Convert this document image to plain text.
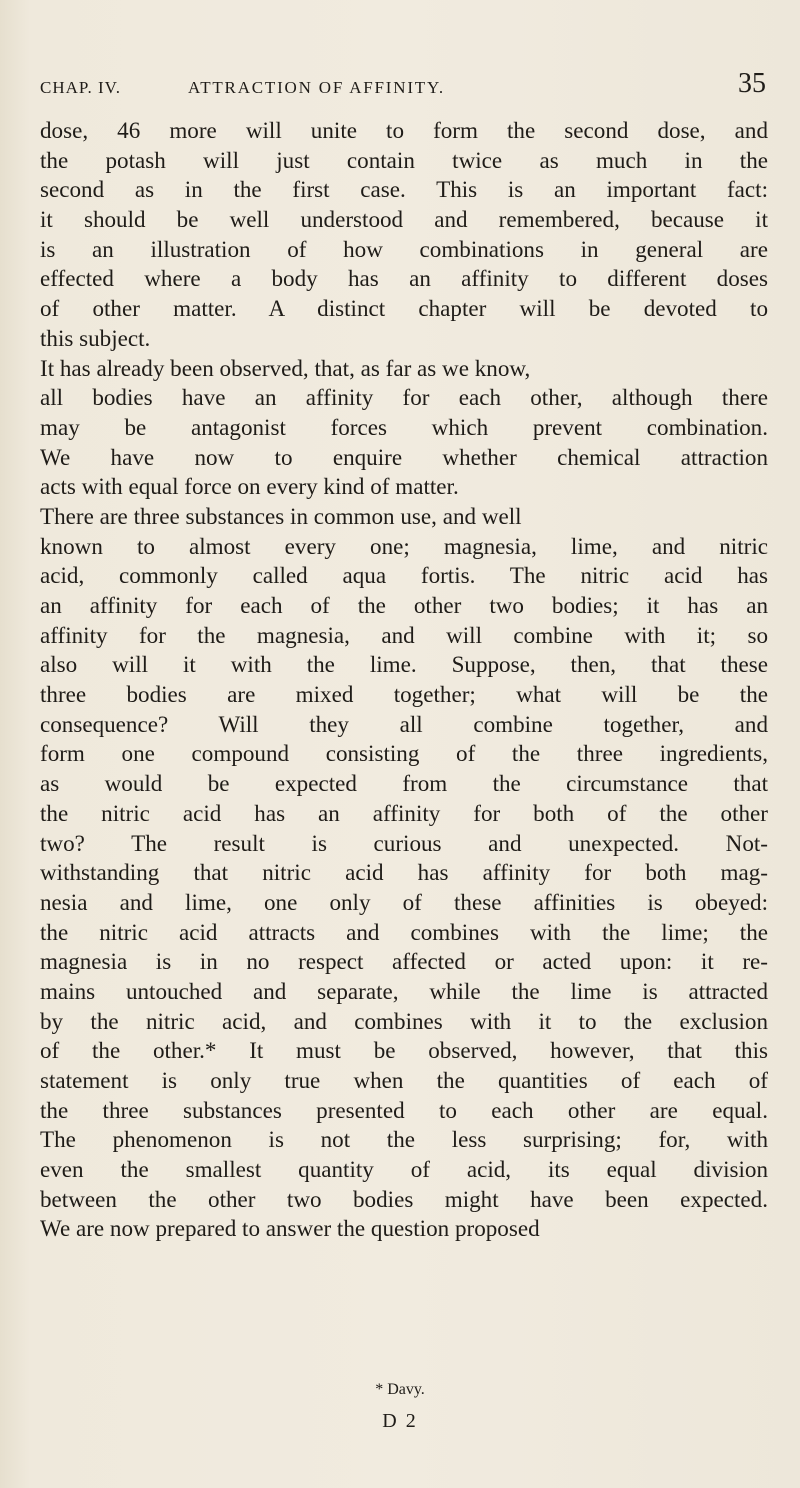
CHAP. IV.	ATTRACTION OF AFFINITY.	35
dose, 46 more will unite to form the second dose, and
the potash will just contain twice as much in the
second as in the first case. This is an important fact:
it should be well understood and remembered, because it
is an illustration of how combinations in general are
effected where a body has an affinity to different doses
of other matter. A distinct chapter will be devoted to
this subject.
It has already been observed, that, as far as we know,
all bodies have an affinity for each other, although there
may be antagonist forces which prevent combination.
We have now to enquire whether chemical attraction
acts with equal force on every kind of matter.
There are three substances in common use, and well
known to almost every one; magnesia, lime, and nitric
acid, commonly called aqua fortis. The nitric acid has
an affinity for each of the other two bodies; it has an
affinity for the magnesia, and will combine with it; so
also will it with the lime. Suppose, then, that these
three bodies are mixed together; what will be the
consequence? Will they all combine together, and
form one compound consisting of the three ingredients,
as would be expected from the circumstance that
the nitric acid has an affinity for both of the other
two? The result is curious and unexpected. Not-
withstanding that nitric acid has affinity for both mag-
nesia and lime, one only of these affinities is obeyed:
the nitric acid attracts and combines with the lime; the
magnesia is in no respect affected or acted upon: it re-
mains untouched and separate, while the lime is attracted
by the nitric acid, and combines with it to the exclusion
of the other.* It must be observed, however, that this
statement is only true when the quantities of each of
the three substances presented to each other are equal.
The phenomenon is not the less surprising; for, with
even the smallest quantity of acid, its equal division
between the other two bodies might have been expected.
We are now prepared to answer the question proposed
* Davy.
D 2
